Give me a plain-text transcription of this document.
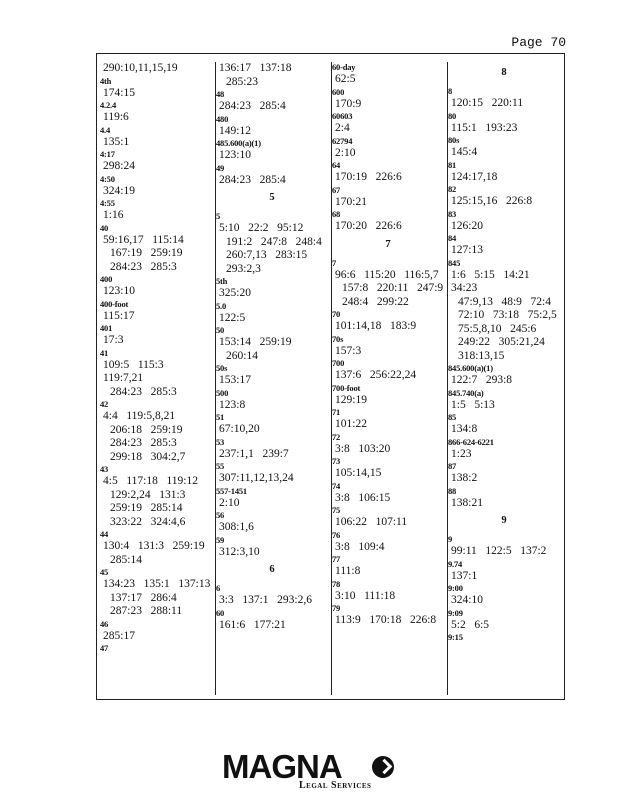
Page 70
290:10,11,15,19
4th
174:15
4.2.4
119:6
4.4
135:1
4:17
298:24
4:50
324:19
4:55
1:16
40
59:16,17   115:14
167:19   259:19
284:23   285:3
400
123:10
400-foot
115:17
401
17:3
41
109:5   115:3   119:7,21
284:23   285:3
42
4:4   119:5,8,21
206:18   259:19
284:23   285:3
299:18   304:2,7
43
4:5   117:18   119:12
129:2,24   131:3
259:19   285:14
323:22   324:4,6
44
130:4   131:3   259:19
285:14
45
134:23   135:1   137:13
137:17   286:4
287:23   288:11
46
285:17
47
136:17   137:18
285:23
48
284:23   285:4
480
149:12
485.600(a)(1)
123:10
49
284:23   285:4
5
5
5:10   22:2   95:12
191:2   247:8   248:4
260:7,13   283:15
293:2,3
5th
325:20
5.0
122:5
50
153:14   259:19
260:14
50s
153:17
500
123:8
51
67:10,20
53
237:1,1   239:7
55
307:11,12,13,24
557-1451
2:10
56
308:1,6
59
312:3,10
6
6
3:3   137:1   293:2,6
60
161:6   177:21
60-day
62:5
600
170:9
60603
2:4
62794
2:10
64
170:19   226:6
67
170:21
68
170:20   226:6
7
7
96:6   115:20   116:5,7
157:8   220:11   247:9
248:4   299:22
70
101:14,18   183:9
70s
157:3
700
137:6   256:22,24
700-foot
129:19
71
101:22
72
3:8   103:20
73
105:14,15
74
3:8   106:15
75
106:22   107:11
76
3:8   109:4
77
111:8
78
3:10   111:18
79
113:9   170:18   226:8
8
8
120:15   220:11
80
115:1   193:23
80s
145:4
81
124:17,18
82
125:15,16   226:8
83
126:20
84
127:13
845
1:6   5:15   14:21   34:23
47:9,13   48:9   72:4
72:10   73:18   75:2,5
75:5,8,10   245:6
249:22   305:21,24
318:13,15
845.600(a)(1)
122:7   293:8
845.740(a)
1:5   5:13
85
134:8
866-624-6221
1:23
87
138:2
88
138:21
9
9
99:11   122:5   137:2
9.74
137:1
9:00
324:10
9:09
5:2   6:5
9:15
MAGNA
Legal Services
